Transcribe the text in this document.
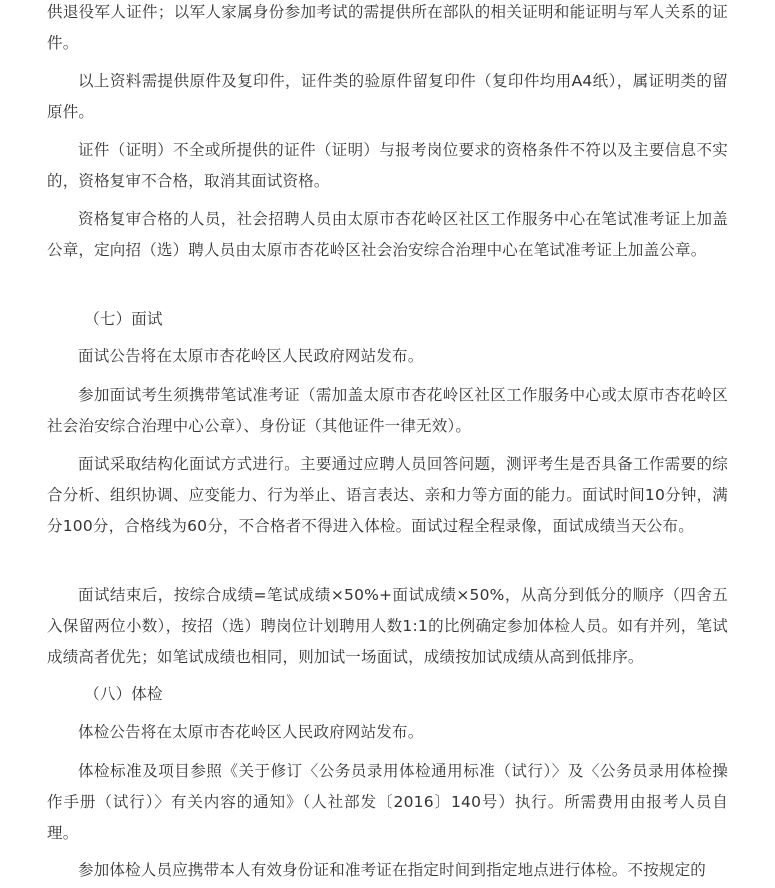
供退役军人证件；以军人家属身份参加考试的需提供所在部队的相关证明和能证明与军人关系的证件。

以上资料需提供原件及复印件，证件类的验原件留复印件（复印件均用A4纸），属证明类的留原件。

证件（证明）不全或所提供的证件（证明）与报考岗位要求的资格条件不符以及主要信息不实的，资格复审不合格，取消其面试资格。

资格复审合格的人员，社会招聘人员由太原市杏花岭区社区工作服务中心在笔试准考证上加盖公章，定向招（选）聘人员由太原市杏花岭区社会治安综合治理中心在笔试准考证上加盖公章。

（七）面试

面试公告将在太原市杏花岭区人民政府网站发布。

参加面试考生须携带笔试准考证（需加盖太原市杏花岭区社区工作服务中心或太原市杏花岭区社会治安综合治理中心公章）、身份证（其他证件一律无效）。

面试采取结构化面试方式进行。主要通过应聘人员回答问题，测评考生是否具备工作需要的综合分析、组织协调、应变能力、行为举止、语言表达、亲和力等方面的能力。面试时间10分钟，满分100分，合格线为60分，不合格者不得进入体检。面试过程全程录像，面试成绩当天公布。

面试结束后，按综合成绩=笔试成绩×50%+面试成绩×50%，从高分到低分的顺序（四舍五入保留两位小数），按招（选）聘岗位计划聘用人数1:1的比例确定参加体检人员。如有并列，笔试成绩高者优先；如笔试成绩也相同，则加试一场面试，成绩按加试成绩从高到低排序。

（八）体检

体检公告将在太原市杏花岭区人民政府网站发布。

体检标准及项目参照《关于修订〈公务员录用体检通用标准（试行）〉及〈公务员录用体检操作手册（试行）〉有关内容的通知》（人社部发〔2016〕140号）执行。所需费用由报考人员自理。

参加体检人员应携带本人有效身份证和准考证在指定时间到指定地点进行体检。不按规定的
